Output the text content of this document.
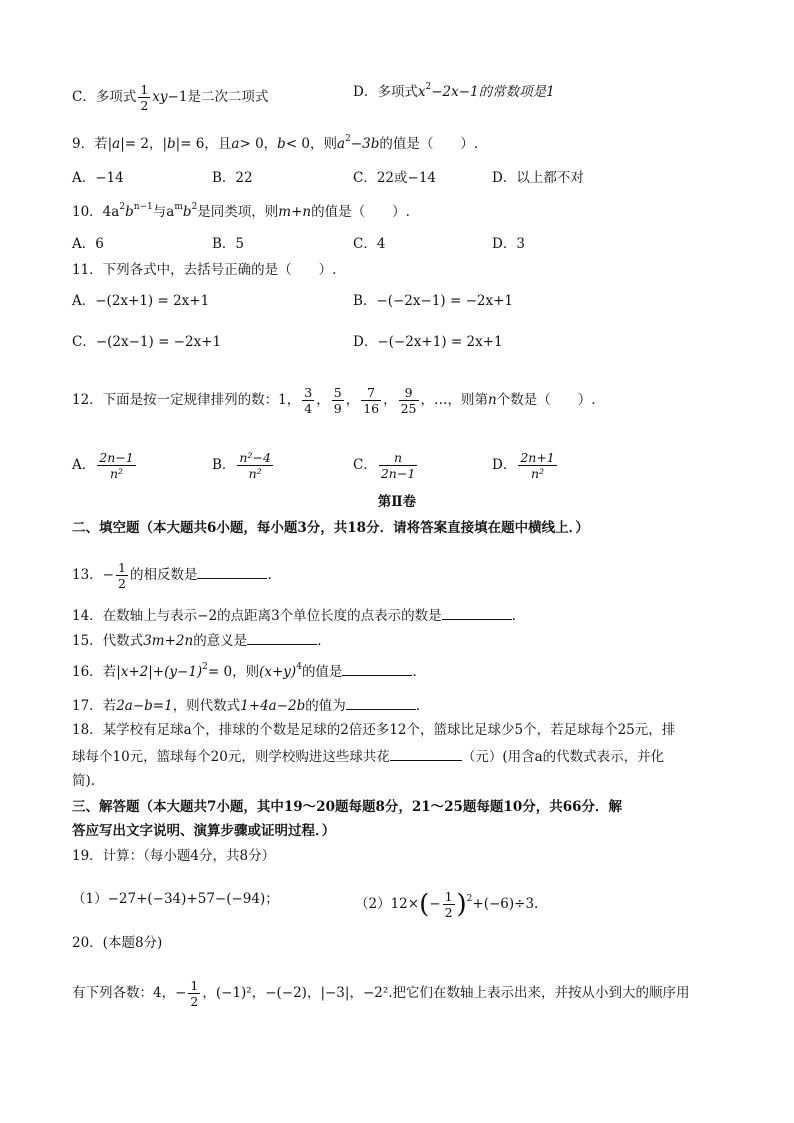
C．多项式 $\frac{1}{2} xy-1$是二次二项式	D．多项式$x^2-2x-1$的常数项是1
9．若|a|= 2，|b|= 6，且a> 0，b< 0，则$a^2-3b$的值是（　　）.
A．−14	B．22	C．22或−14	D．以上都不对
10．$4a^2b^{n-1}$与$a^mb^2$是同类项，则m+n的值是（　　）.
A．6	B．5	C．4	D．3
11．下列各式中，去括号正确的是（　　）.
A．−(2x+1) = 2x+1	B．−(−2x−1) = −2x+1
C．−(2x−1) = −2x+1	D．−(−2x+1) = 2x+1
12．下面是按一定规律排列的数：1， $\frac{3}{4}$ ， $\frac{5}{9}$ ， $\frac{7}{16}$ ， $\frac{9}{25}$ ，…，则第n个数是（　　）.
A． $\frac{2n-1}{\text{n²}}$	B． $\frac{\text{n²−4}}{\text{n²}}$	C． $\frac{n}{2n-1}$	D． $\frac{2n+1}{\text{n²}}$
第Ⅱ卷
二、填空题（本大题共6小题，每小题3分，共18分．请将答案直接填在题中横线上．）
13．− $\frac{1}{2}$ 的相反数是	.
14．在数轴上与表示−2的点距离3个单位长度的点表示的数是	.
15．代数式3m+2n的意义是	.
16．若$|x+2|+(y-1)^2= 0$，则$(x+y)^4$的值是	.
17．若2a−b=1，则代数式1+4a−2b的值为	.
18．某学校有足球a个，排球的个数是足球的2倍还多12个，篮球比足球少5个，若足球每个25元，排
球每个10元，篮球每个20元，则学校购进这些球共花	（元）(用含a的代数式表示，并化
简).
三、解答题（本大题共7小题，其中19～20题每题8分，21～25题每题10分，共66分．解
答应写出文字说明、演算步骤或证明过程．）
19．计算：（每小题4分，共8分）
（1）−27+(−34)+57−(−94)；	$(2)12\times(- \frac{1}{2} )^2+(-6)\div 3$.
20．(本题8分)
有下列各数：4，− $\frac{1}{2}$ ，(−1)²，−(−2)，|−3|，−2².把它们在数轴上表示出来，并按从小到大的顺序用
